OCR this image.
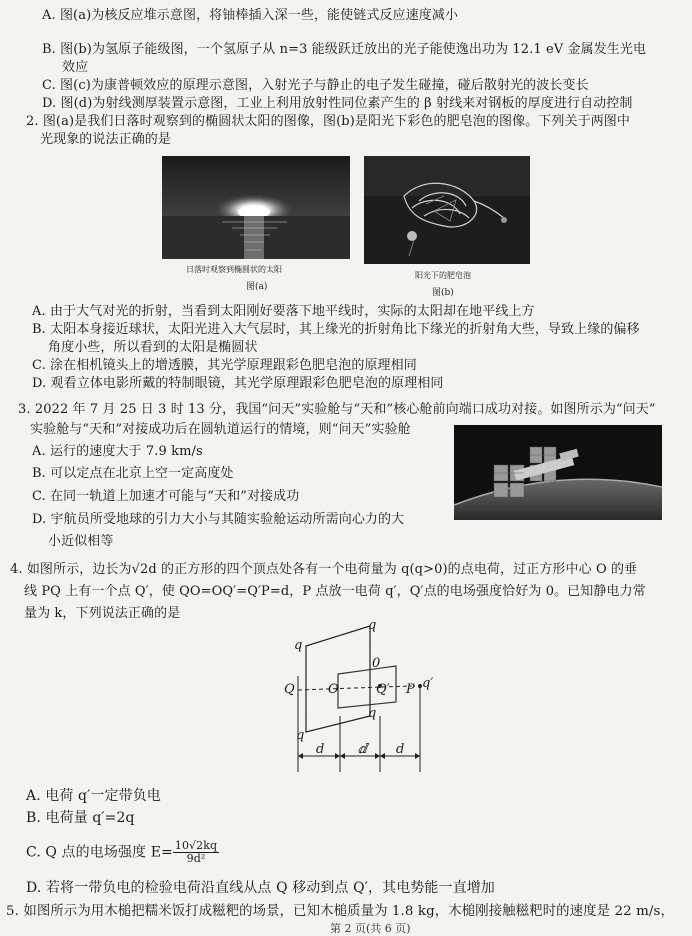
A. 图(a)为核反应堆示意图，将铀棒插入深一些，能使链式反应速度减小
B. 图(b)为氢原子能级图，一个氢原子从 n=3 能级跃迁放出的光子能使逸出功为 12.1 eV 金属发生光电
效应
C. 图(c)为康普顿效应的原理示意图，入射光子与静止的电子发生碰撞，碰后散射光的波长变长
D. 图(d)为射线测厚装置示意图，工业上利用放射性同位素产生的 β 射线来对钢板的厚度进行自动控制
2. 图(a)是我们日落时观察到的椭圆状太阳的图像，图(b)是阳光下彩色的肥皂泡的图像。下列关于两图中
光现象的说法正确的是
日落时观察到椭圆状的太阳
图(a)
阳光下的肥皂泡
图(b)
A. 由于大气对光的折射，当看到太阳刚好要落下地平线时，实际的太阳却在地平线上方
B. 太阳本身接近球状，太阳光进入大气层时，其上缘光的折射角比下缘光的折射角大些，导致上缘的偏移
角度小些，所以看到的太阳是椭圆状
C. 涂在相机镜头上的增透膜，其光学原理跟彩色肥皂泡的原理相同
D. 观看立体电影所戴的特制眼镜，其光学原理跟彩色肥皂泡的原理相同
3. 2022 年 7 月 25 日 3 时 13 分，我国“问天”实验舱与“天和”核心舱前向端口成功对接。如图所示为“问天”
实验舱与“天和”对接成功后在圆轨道运行的情境，则“问天”实验舱
A. 运行的速度大于 7.9 km/s
B. 可以定点在北京上空一定高度处
C. 在同一轨道上加速才可能与“天和”对接成功
D. 宇航员所受地球的引力大小与其随实验舱运动所需向心力的大
小近似相等
4. 如图所示，边长为√2d 的正方形的四个顶点处各有一个电荷量为 q(q>0)的点电荷，过正方形中心 O 的垂
线 PQ 上有一个点 Q′，使 QO=OQ′=Q′P=d，P 点放一电荷 q′，Q′点的电场强度恰好为 0。已知静电力常
量为 k，下列说法正确的是
q
q
q
q
0
Q	O	Q′ P q′
d	ⅆ d
A. 电荷 q′一定带负电
B. 电荷量 q′=2q
C. Q 点的电场强度 $E= \frac{10√2kq}{\text{9d²}}$
D. 若将一带负电的检验电荷沿直线从点 Q 移动到点 Q′，其电势能一直增加
5. 如图所示为用木槌把糯米饭打成糍粑的场景，已知木槌质量为 1.8 kg，木槌刚接触糍粑时的速度是 22 m/s，
第 2 页(共 6 页)
